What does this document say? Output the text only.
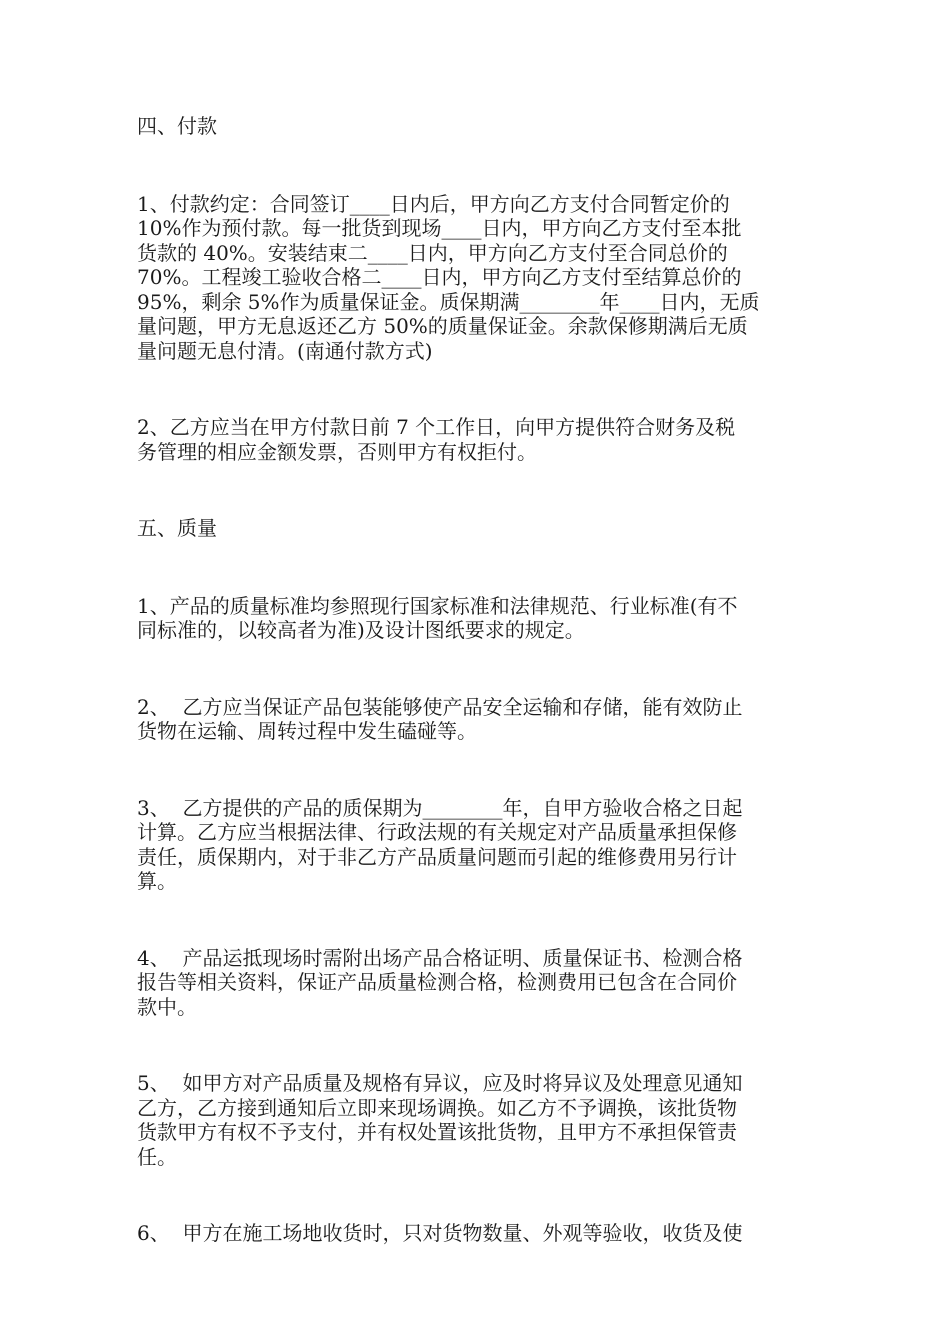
四、付款

1、付款约定：合同签订____日内后，甲方向乙方支付合同暂定价的

10%作为预付款。每一批货到现场____日内，甲方向乙方支付至本批

货款的 40%。安装结束二____日内，甲方向乙方支付至合同总价的

70%。工程竣工验收合格二____日内，甲方向乙方支付至结算总价的

95%，剩余 5%作为质量保证金。质保期满________年____日内，无质

量问题，甲方无息返还乙方 50%的质量保证金。余款保修期满后无质

量问题无息付清。(南通付款方式)

2、乙方应当在甲方付款日前 7 个工作日，向甲方提供符合财务及税

务管理的相应金额发票，否则甲方有权拒付。

五、质量

1、产品的质量标准均参照现行国家标准和法律规范、行业标准(有不

同标准的，以较高者为准)及设计图纸要求的规定。

2、  乙方应当保证产品包装能够使产品安全运输和存储，能有效防止

货物在运输、周转过程中发生磕碰等。

3、  乙方提供的产品的质保期为________年，自甲方验收合格之日起

计算。乙方应当根据法律、行政法规的有关规定对产品质量承担保修

责任，质保期内，对于非乙方产品质量问题而引起的维修费用另行计

算。

4、  产品运抵现场时需附出场产品合格证明、质量保证书、检测合格

报告等相关资料，保证产品质量检测合格，检测费用已包含在合同价

款中。

5、  如甲方对产品质量及规格有异议，应及时将异议及处理意见通知

乙方，乙方接到通知后立即来现场调换。如乙方不予调换，该批货物

货款甲方有权不予支付，并有权处置该批货物，且甲方不承担保管责

任。

6、  甲方在施工场地收货时，只对货物数量、外观等验收，收货及使
